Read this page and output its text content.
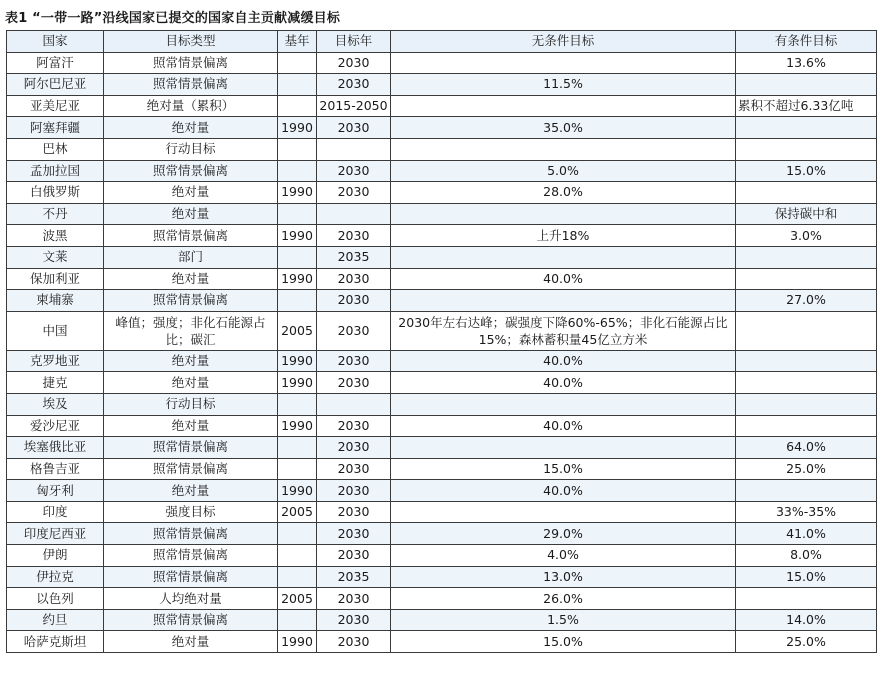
表1 “一带一路”沿线国家已提交的国家自主贡献减缓目标
国家	目标类型	基年	目标年	无条件目标	有条件目标
阿富汗	照常情景偏离		2030		13.6%
阿尔巴尼亚	照常情景偏离		2030	11.5%	
亚美尼亚	绝对量（累积）		2015-2050		累积不超过6.33亿吨
阿塞拜疆	绝对量	1990	2030	35.0%	
巴林	行动目标				
孟加拉国	照常情景偏离		2030	5.0%	15.0%
白俄罗斯	绝对量	1990	2030	28.0%	
不丹	绝对量				保持碳中和
波黑	照常情景偏离	1990	2030	上升18%	3.0%
文莱	部门		2035		
保加利亚	绝对量	1990	2030	40.0%	
柬埔寨	照常情景偏离		2030		27.0%
中国	峰值；强度；非化石能源占比；碳汇	2005	2030	2030年左右达峰；碳强度下降60%-65%；非化石能源占比15%；森林蓄积量45亿立方米	
克罗地亚	绝对量	1990	2030	40.0%	
捷克	绝对量	1990	2030	40.0%	
埃及	行动目标				
爱沙尼亚	绝对量	1990	2030	40.0%	
埃塞俄比亚	照常情景偏离		2030		64.0%
格鲁吉亚	照常情景偏离		2030	15.0%	25.0%
匈牙利	绝对量	1990	2030	40.0%	
印度	强度目标	2005	2030		33%-35%
印度尼西亚	照常情景偏离		2030	29.0%	41.0%
伊朗	照常情景偏离		2030	4.0%	8.0%
伊拉克	照常情景偏离		2035	13.0%	15.0%
以色列	人均绝对量	2005	2030	26.0%	
约旦	照常情景偏离		2030	1.5%	14.0%
哈萨克斯坦	绝对量	1990	2030	15.0%	25.0%
